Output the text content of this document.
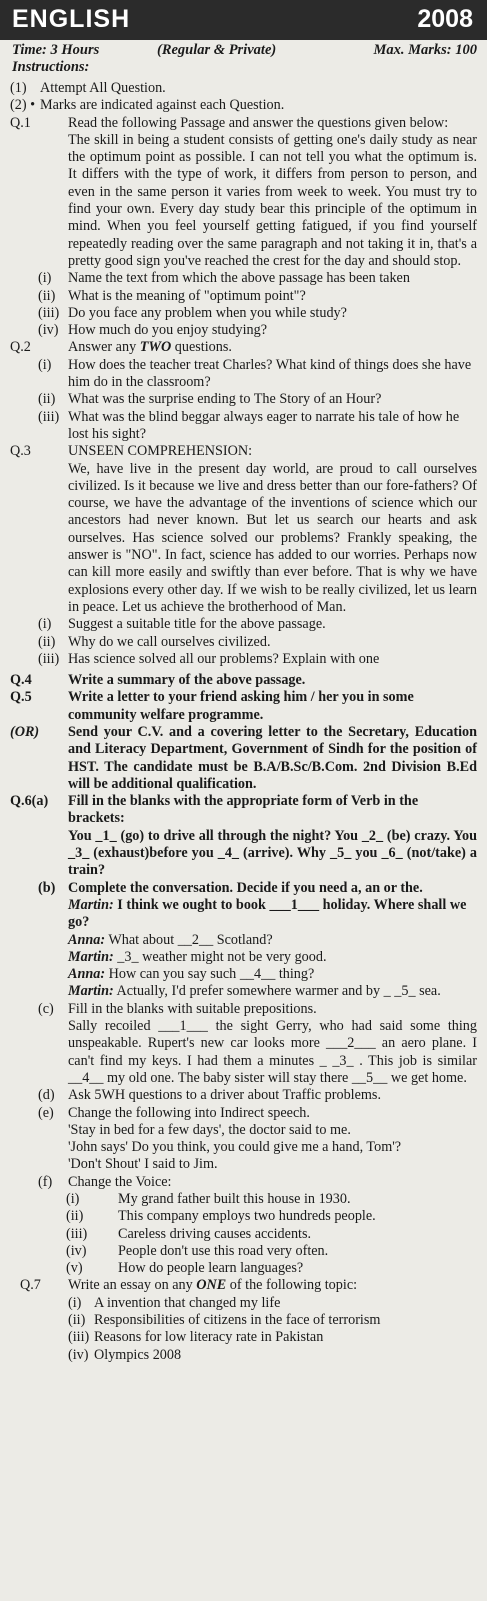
ENGLISH	2008
Time: 3 Hours	(Regular & Private)	Max. Marks: 100
Instructions:
(1) Attempt All Question.
(2) • Marks are indicated against each Question.
Q.1	Read the following Passage and answer the questions given below:
The skill in being a student consists of getting one's daily study as near the optimum point as possible. I can not tell you what the optimum is. It differs with the type of work, it differs from person to person, and even in the same person it varies from week to week. You must try to find your own. Every day study bear this principle of the optimum in mind. When you feel yourself getting fatigued, if you find yourself repeatedly reading over the same paragraph and not taking it in, that's a pretty good sign you've reached the crest for the day and should stop.
(i)	Name the text from which the above passage has been taken
(ii) What is the meaning of "optimum point"?
(iii) Do you face any problem when you while study?
(iv) How much do you enjoy studying?
Q.2	Answer any TWO questions.
(i)	How does the teacher treat Charles? What kind of things does she have him do in the classroom?
(ii) What was the surprise ending to The Story of an Hour?
(iii) What was the blind beggar always eager to narrate his tale of how he lost his sight?
Q.3	UNSEEN COMPREHENSION:
We, have live in the present day world, are proud to call ourselves civilized. Is it because we live and dress better than our fore-fathers? Of course, we have the advantage of the inventions of science which our ancestors had never known. But let us search our hearts and ask ourselves. Has science solved our problems? Frankly speaking, the answer is "NO". In fact, science has added to our worries. Perhaps now can kill more easily and swiftly than ever before. That is why we have explosions every other day. If we wish to be really civilized, let us learn in peace. Let us achieve the brotherhood of Man.
(i)	Suggest a suitable title for the above passage.
(ii) Why do we call ourselves civilized.
(iii) Has science solved all our problems? Explain with one
Q.4	Write a summary of the above passage.
Q.5	Write a letter to your friend asking him / her you in some community welfare programme.
(OR)	Send your C.V. and a covering letter to the Secretary, Education and Literacy Department, Government of Sindh for the position of HST. The candidate must be B.A/B.Sc/B.Com. 2nd Division B.Ed will be additional qualification.
Q.6(a)	Fill in the blanks with the appropriate form of Verb in the brackets:
You _1_ (go) to drive all through the night? You _2_ (be) crazy. You _3_ (exhaust)before you _4_ (arrive). Why _5_ you _6_ (not/take) a train?
(b) Complete the conversation. Decide if you need a, an or the.
Martin: I think we ought to book ___1___ holiday. Where shall we go?
Anna: What about __2__ Scotland?
Martin: _3_ weather might not be very good.
Anna: How can you say such __4__ thing?
Martin: Actually, I'd prefer somewhere warmer and by _ _5_ sea.
(c)	Fill in the blanks with suitable prepositions.
Sally recoiled ___1___ the sight Gerry, who had said some thing unspeakable. Rupert's new car looks more ___2___ an aero plane. I can't find my keys. I had them a minutes _ _3_ . This job is similar __4__ my old one. The baby sister will stay there __5__ we get home.
(d) Ask 5WH questions to a driver about Traffic problems.
(e)	Change the following into Indirect speech.
'Stay in bed for a few days', the doctor said to me.
'John says' Do you think, you could give me a hand, Tom'?
'Don't Shout' I said to Jim.
(f)	Change the Voice:
(i)	My grand father built this house in 1930.
(ii)	This company employs two hundreds people.
(iii)	Careless driving causes accidents.
(iv)	People don't use this road very often.
(v)	How do people learn languages?
Q.7	Write an essay on any ONE of the following topic:
(i) A invention that changed my life
(ii) Responsibilities of citizens in the face of terrorism
(iii) Reasons for low literacy rate in Pakistan
(iv) Olympics 2008
